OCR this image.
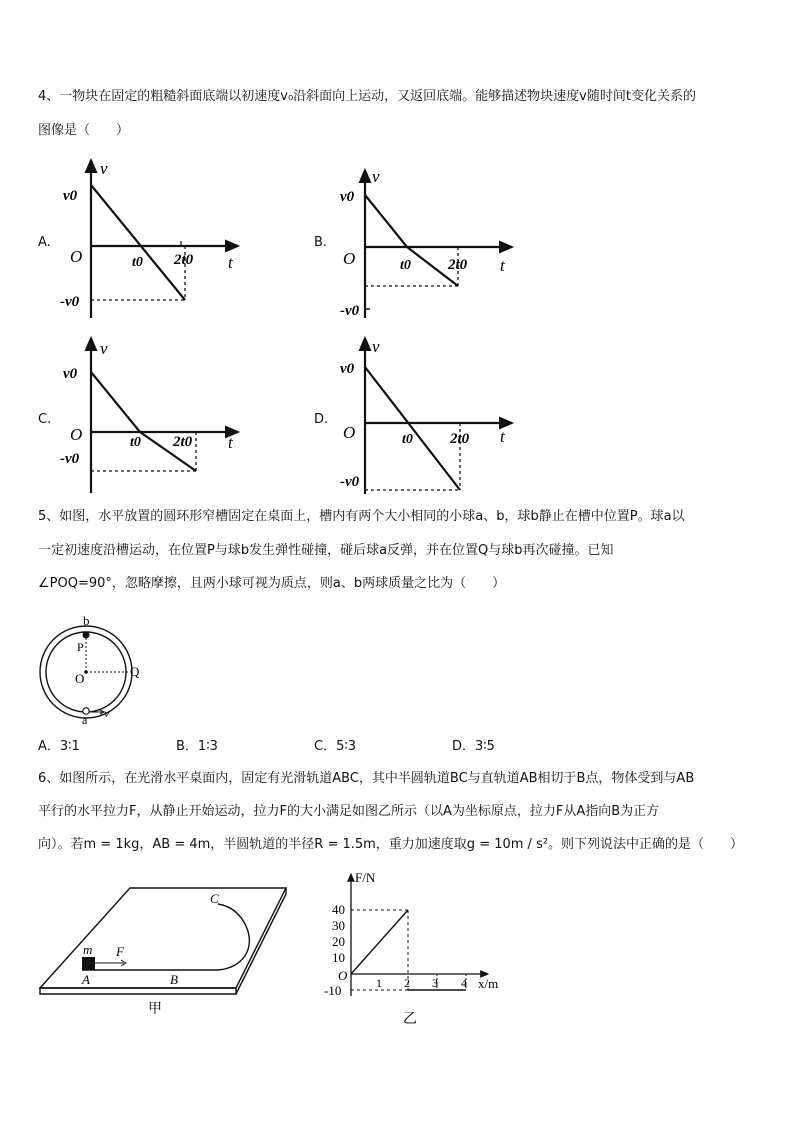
4、一物块在固定的粗糙斜面底端以初速度v₀沿斜面向上运动，又返回底端。能够描述物块速度v随时间t变化关系的
图像是（　　）
A.	B.
C.	D.
v
v0
O	t0 2t0 t
-v0
v
v0
O	t0 2t0 t
-v0
v
v0
O	t0 2t0 t
-v0
v
v0
O	t0 2t0 t
-v0
5、如图，水平放置的圆环形窄槽固定在桌面上，槽内有两个大小相同的小球a、b，球b静止在槽中位置P。球a以
一定初速度沿槽运动，在位置P与球b发生弹性碰撞，碰后球a反弹，并在位置Q与球b再次碰撞。已知
∠POQ=90°，忽略摩擦，且两小球可视为质点，则a、b两球质量之比为（　　）
b
P
Q
O
a v
A．3∶1	B．1∶3	C．5∶3	D．3∶5
6、如图所示，在光滑水平桌面内，固定有光滑轨道ABC，其中半圆轨道BC与直轨道AB相切于B点，物体受到与AB
平行的水平拉力F，从静止开始运动，拉力F的大小满足如图乙所示（以A为坐标原点，拉力F从A指向B为正方
向）。若m = 1kg，AB = 4m，半圆轨道的半径R = 1.5m，重力加速度取g = 10m / s²。则下列说法中正确的是（　　）
m F
A	B
C
甲
F/N
x/m
O
40
30
20
10
-10	1 2 3 4
乙
